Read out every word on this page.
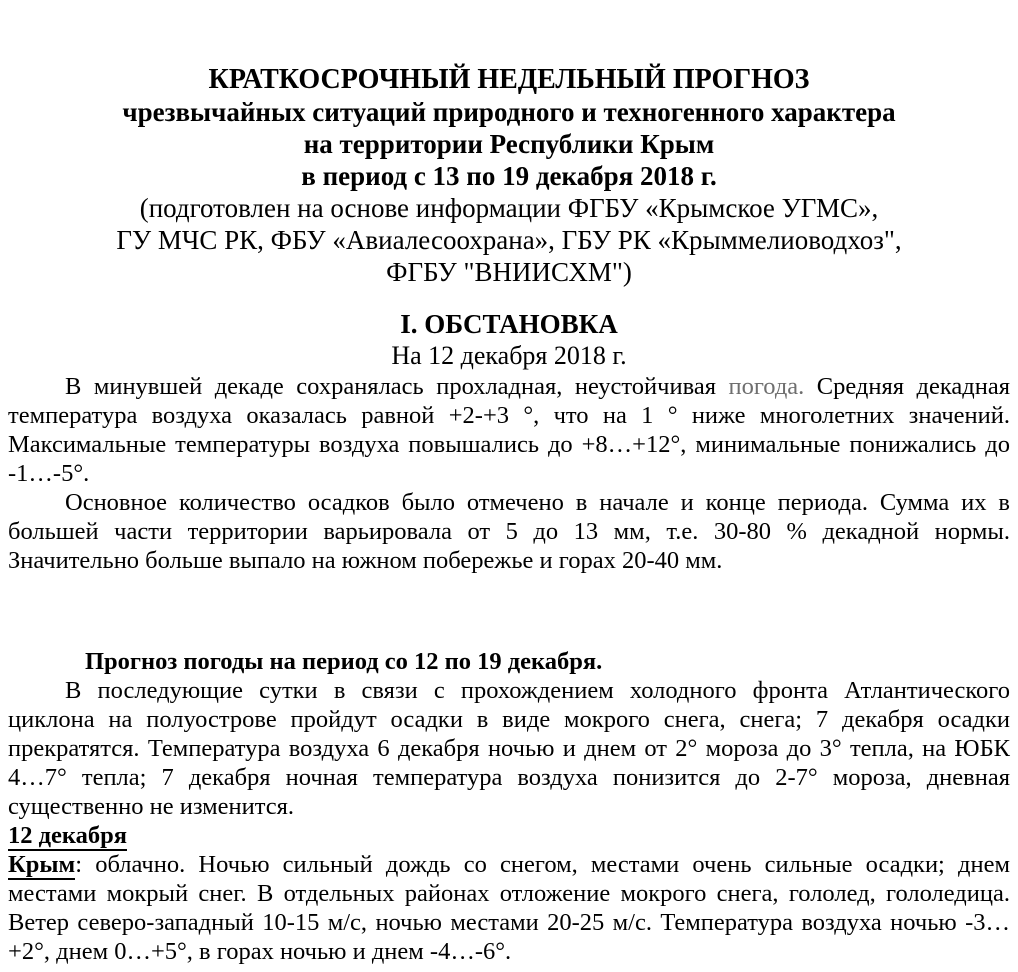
КРАТКОСРОЧНЫЙ НЕДЕЛЬНЫЙ ПРОГНОЗ
чрезвычайных ситуаций природного и техногенного характера
на территории Республики Крым
в период с 13 по 19 декабря 2018 г.
(подготовлен на основе информации ФГБУ «Крымское УГМС»,
ГУ МЧС РК, ФБУ «Авиалесоохрана», ГБУ РК «Крыммелиоводхоз",
ФГБУ "ВНИИСХМ")
I. ОБСТАНОВКА
На 12 декабря 2018 г.

В минувшей декаде сохранялась прохладная, неустойчивая погода. Средняя декадная температура воздуха оказалась равной +2-+3 °, что на 1 ° ниже многолетних значений. Максимальные температуры воздуха повышались до +8…+12°, минимальные понижались до -1…-5°.

Основное количество осадков было отмечено в начале и конце периода. Сумма их в большей части территории варьировала от 5 до 13 мм, т.е. 30-80 % декадной нормы. Значительно больше выпало на южном побережье и горах 20-40 мм.

Прогноз погоды на период со 12 по 19 декабря.

В последующие сутки в связи с прохождением холодного фронта Атлантического циклона на полуострове пройдут осадки в виде мокрого снега, снега; 7 декабря осадки прекратятся. Температура воздуха 6 декабря ночью и днем от 2° мороза до 3° тепла, на ЮБК 4…7° тепла; 7 декабря ночная температура воздуха понизится до 2-7° мороза, дневная существенно не изменится.

12 декабря

Крым: облачно. Ночью сильный дождь со снегом, местами очень сильные осадки; днем местами мокрый снег. В отдельных районах отложение мокрого снега, гололед, гололедица. Ветер северо-западный 10-15 м/с, ночью местами 20-25 м/с. Температура воздуха ночью -3…+2°, днем 0…+5°, в горах ночью и днем -4…-6°.
